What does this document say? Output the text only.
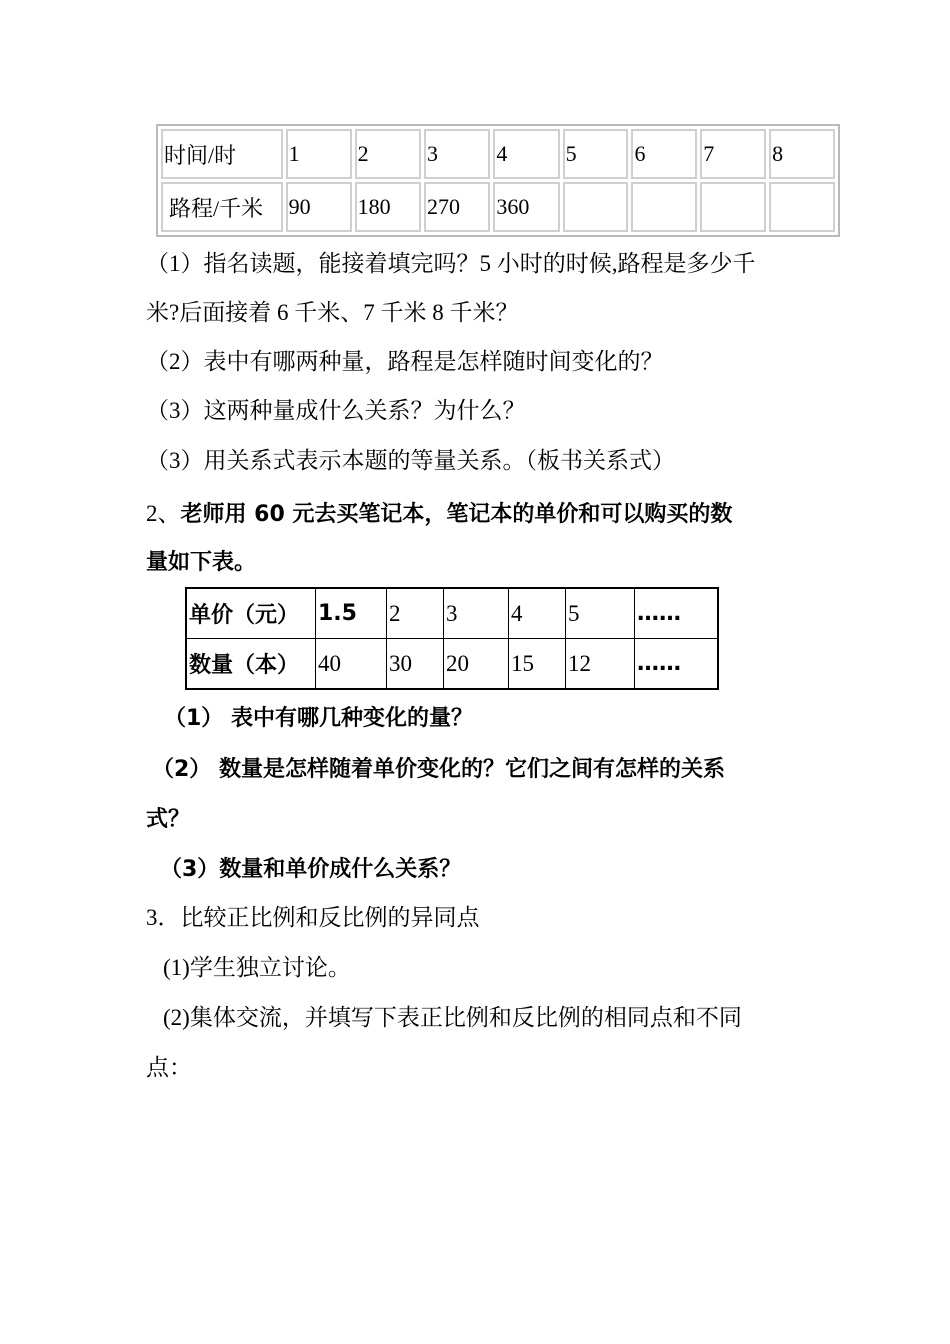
时间/时	1	2	3	4	5	6	7	8
路程/千米	90	180	270	360				
（1）指名读题，能接着填完吗？5 小时的时候,路程是多少千
米?后面接着 6 千米、7 千米 8 千米？
（2）表中有哪两种量，路程是怎样随时间变化的？
（3）这两种量成什么关系？为什么？
（3）用关系式表示本题的等量关系。（板书关系式）
2、老师用 60 元去买笔记本，笔记本的单价和可以购买的数
量如下表。
单价（元）	1.5	2	3	4	5	……
数量（本）	40	30	20	15	12	……
（1） 表中有哪几种变化的量？
（2） 数量是怎样随着单价变化的？它们之间有怎样的关系
式？
（3）数量和单价成什么关系？
3．比较正比例和反比例的异同点
(1)学生独立讨论。
(2)集体交流，并填写下表正比例和反比例的相同点和不同
点：
